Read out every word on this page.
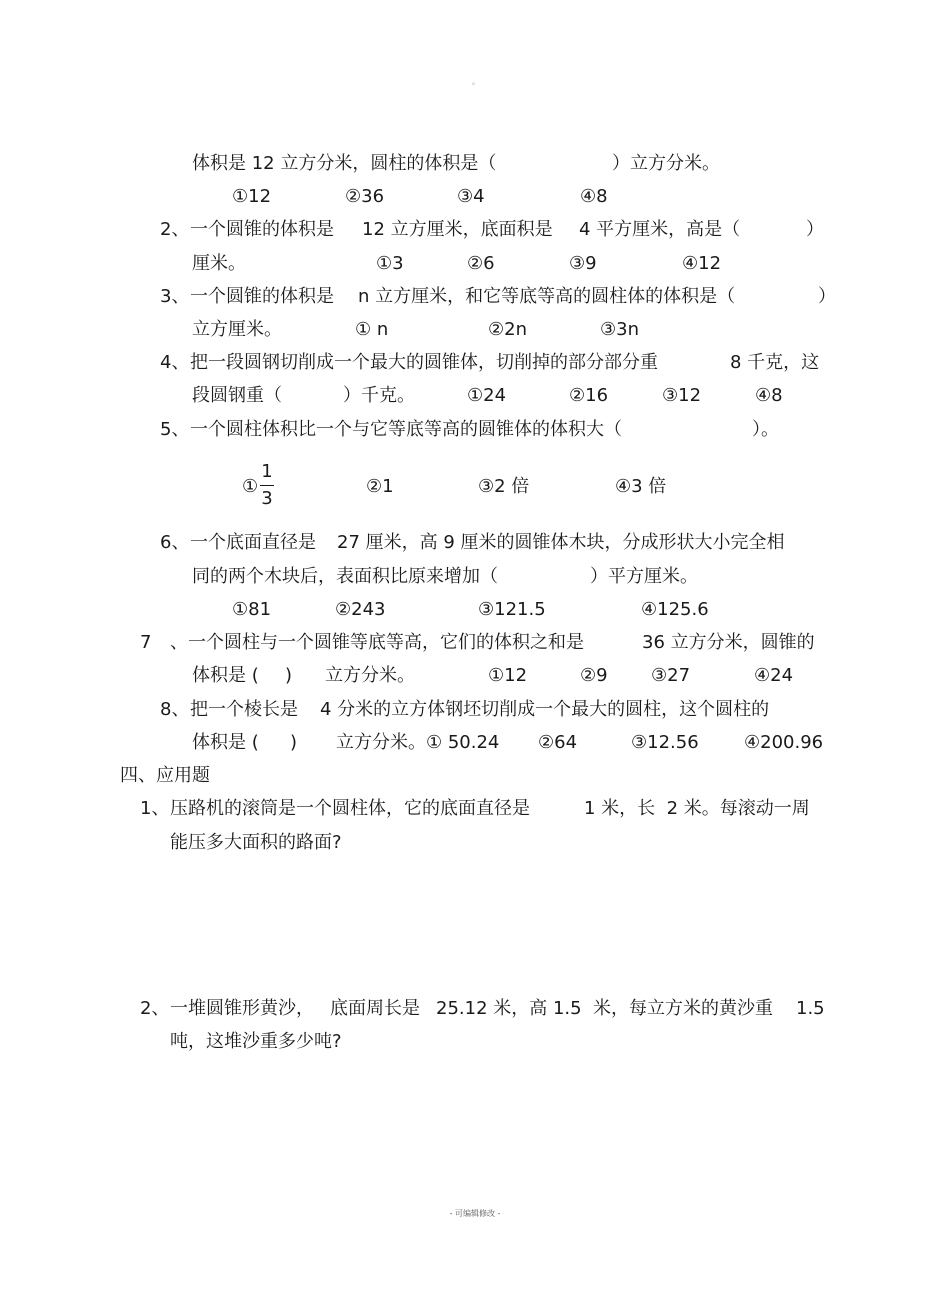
。
体积是 12 立方分米，圆柱的体积是（	）立方分米。
①12	②36	③4	④8
2、 一个圆锥的体积是 12 立方厘米，底面积是 4 平方厘米，高是（	）
厘米。	①3	②6	③9	④12
3、 一个圆锥的体积是 n 立方厘米，和它等底等高的圆柱体的体积是（	）
立方厘米。	① n	②2n	③3n
4、 把一段圆钢切削成一个最大的圆锥体，切削掉的部分部分重	8 千克，这
段圆钢重（	）千克。	①24	②16	③12	④8
5、 一个圆柱体积比一个与它等底等高的圆锥体的体积大（	）。
①
1
3
②1	③2 倍	④3 倍
6、 一个底面直径是 27 厘米，高 9 厘米的圆锥体木块，分成形状大小完全相
同的两个木块后，表面积比原来增加（	）平方厘米。
①81	②243	③121.5	④125.6
7 、一个圆柱与一个圆锥等底等高，它们的体积之和是	36 立方分米，圆锥的
体积是 ( ) 立方分米。	①12	②9 ③27	④24
8、 把一个棱长是 4 分米的立方体钢坯切削成一个最大的圆柱，这个圆柱的
体积是 ( ) 立方分米。① 50.24 ②64	③12.56	④200.96
四、应用题
1、 压路机的滚筒是一个圆柱体，它的底面直径是	1 米，长  2 米。每滚动一周
能压多大面积的路面?
2、 一堆圆锥形黄沙， 底面周长是 25.12 米，高 1.5  米，每立方米的黄沙重 1.5
吨，这堆沙重多少吨?
- 可编辑修改 -
